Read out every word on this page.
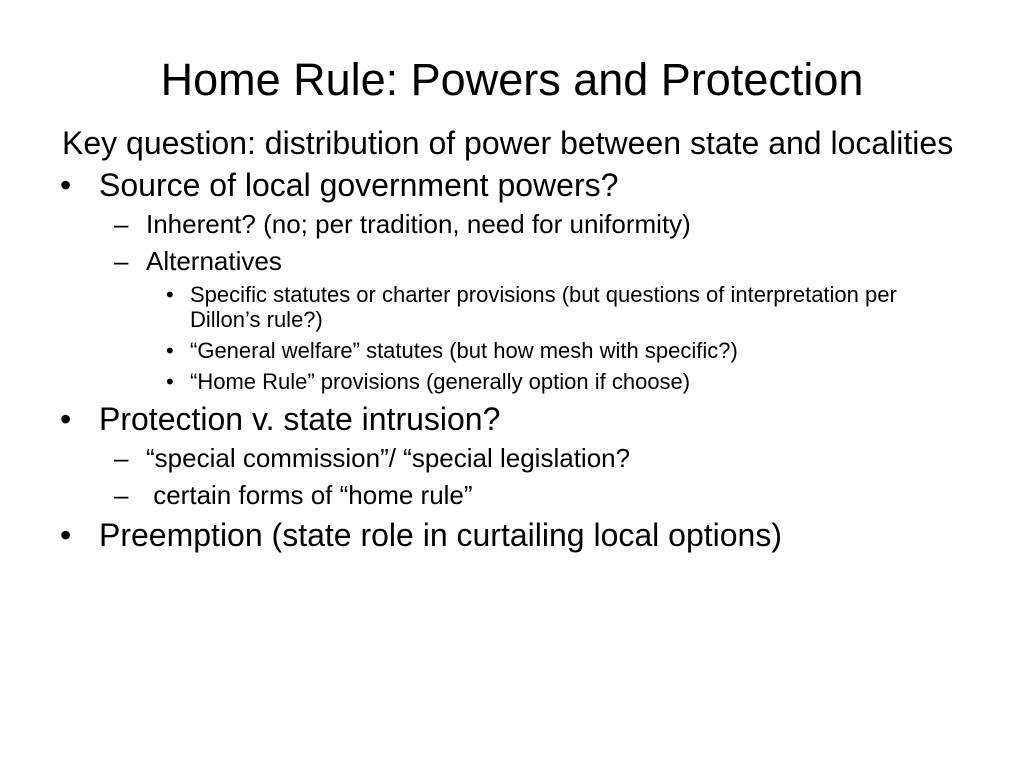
Home Rule: Powers and Protection
Key question: distribution of power between state and localities
• Source of local government powers?
– Inherent? (no; per tradition, need for uniformity)
– Alternatives
• Specific statutes or charter provisions (but questions of interpretation per Dillon’s rule?)
• “General welfare” statutes (but how mesh with specific?)
• “Home Rule” provisions (generally option if choose)
• Protection v. state intrusion?
– “special commission”/ “special legislation?
– certain forms of “home rule”
• Preemption (state role in curtailing local options)
